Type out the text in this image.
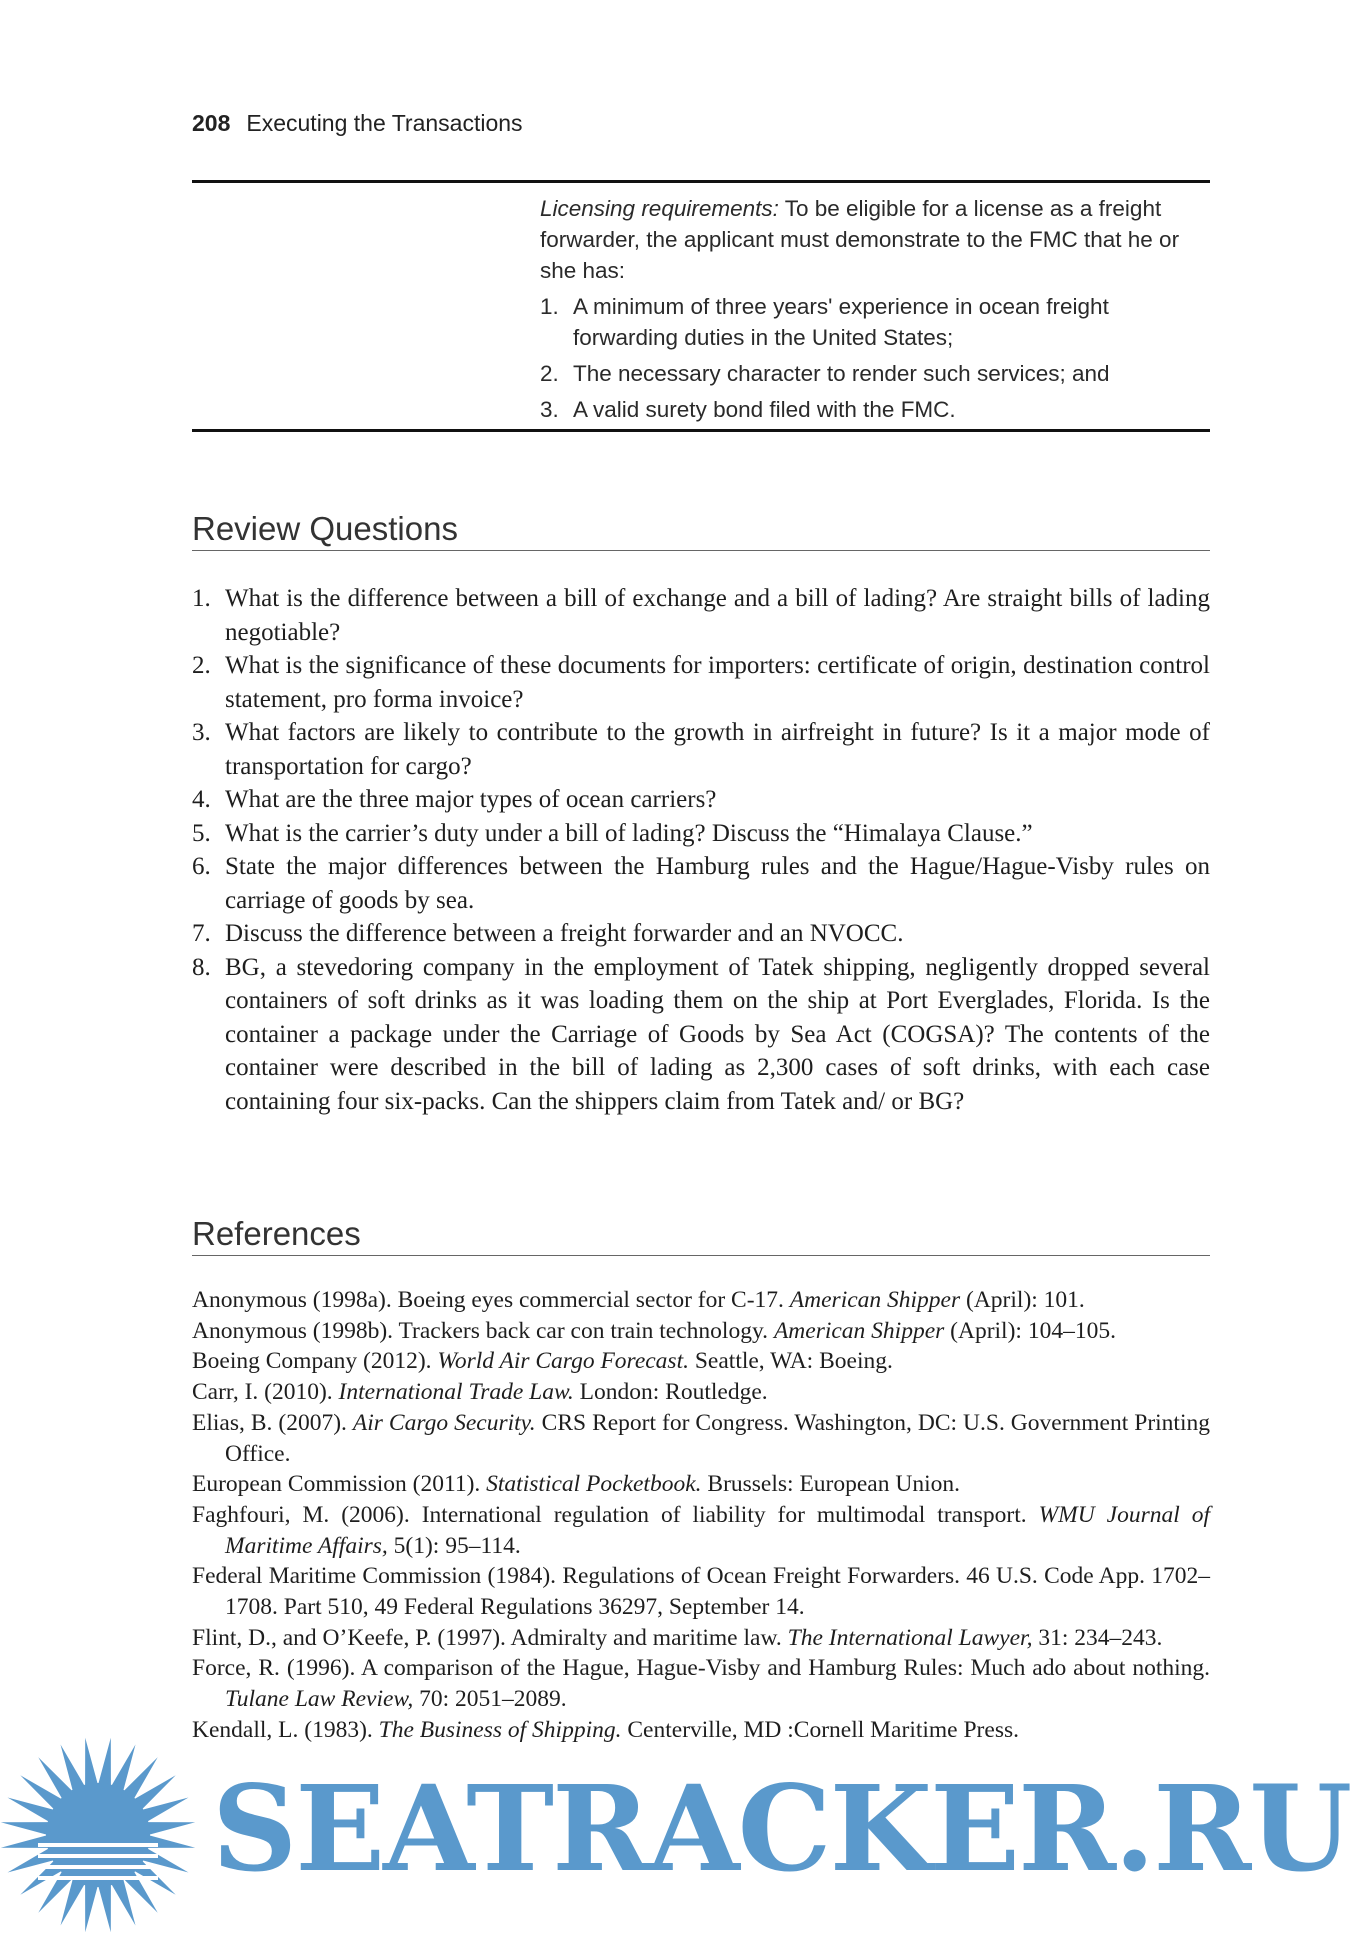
208 Executing the Transactions

Licensing requirements: To be eligible for a license as a freight forwarder, the applicant must demonstrate to the FMC that he or she has:

1. A minimum of three years' experience in ocean freight forwarding duties in the United States;
2. The necessary character to render such services; and
3. A valid surety bond filed with the FMC.
Review Questions
1. What is the difference between a bill of exchange and a bill of lading? Are straight bills of lading negotiable?
2. What is the significance of these documents for importers: certificate of origin, destination control statement, pro forma invoice?
3. What factors are likely to contribute to the growth in airfreight in future? Is it a major mode of transportation for cargo?
4. What are the three major types of ocean carriers?
5. What is the carrier’s duty under a bill of lading? Discuss the “Himalaya Clause.”
6. State the major differences between the Hamburg rules and the Hague/Hague-Visby rules on carriage of goods by sea.
7. Discuss the difference between a freight forwarder and an NVOCC.
8. BG, a stevedoring company in the employment of Tatek shipping, negligently dropped several containers of soft drinks as it was loading them on the ship at Port Everglades, Florida. Is the container a package under the Carriage of Goods by Sea Act (COGSA)? The contents of the container were described in the bill of lading as 2,300 cases of soft drinks, with each case containing four six-packs. Can the shippers claim from Tatek and/ or BG?
References
Anonymous (1998a). Boeing eyes commercial sector for C-17. American Shipper (April): 101.
Anonymous (1998b). Trackers back car con train technology. American Shipper (April): 104–105.
Boeing Company (2012). World Air Cargo Forecast. Seattle, WA: Boeing.
Carr, I. (2010). International Trade Law. London: Routledge.
Elias, B. (2007). Air Cargo Security. CRS Report for Congress. Washington, DC: U.S. Government Printing Office.
European Commission (2011). Statistical Pocketbook. Brussels: European Union.
Faghfouri, M. (2006). International regulation of liability for multimodal transport. WMU Journal of Maritime Affairs, 5(1): 95–114.
Federal Maritime Commission (1984). Regulations of Ocean Freight Forwarders. 46 U.S. Code App. 1702–1708. Part 510, 49 Federal Regulations 36297, September 14.
Flint, D., and O’Keefe, P. (1997). Admiralty and maritime law. The International Lawyer, 31: 234–243.
Force, R. (1996). A comparison of the Hague, Hague-Visby and Hamburg Rules: Much ado about nothing. Tulane Law Review, 70: 2051–2089.
Kendall, L. (1983). The Business of Shipping. Centerville, MD :Cornell Maritime Press.
SEATRACKER.RU
